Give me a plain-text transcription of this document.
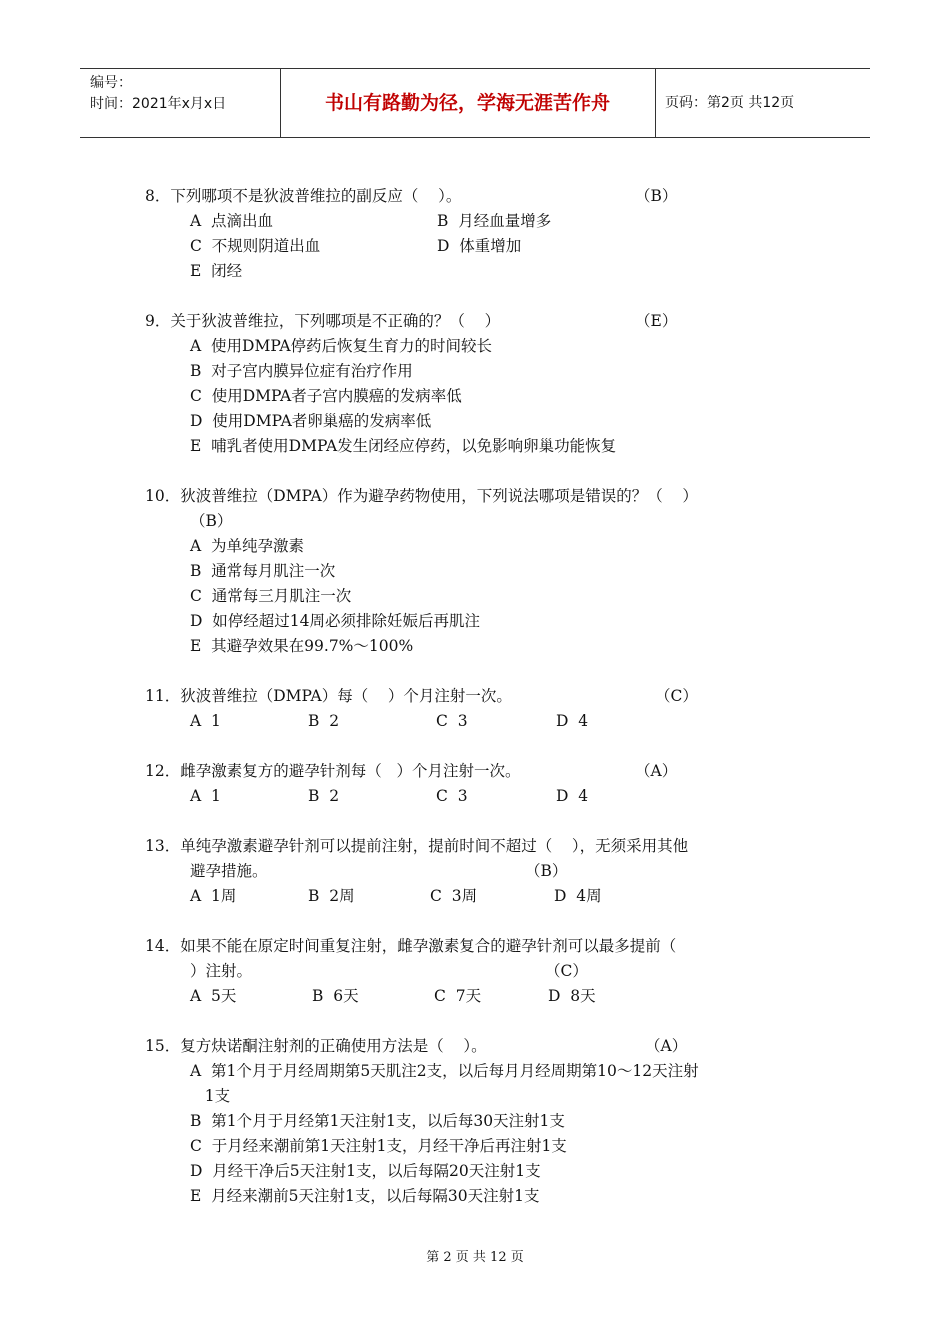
编号：
时间：2021年x月x日	书山有路勤为径，学海无涯苦作舟	页码：第2页 共12页
8．下列哪项不是狄波普维拉的副反应（    ）。	（B）
A  点滴出血	B  月经血量增多
C  不规则阴道出血	D  体重增加
E  闭经
9．关于狄波普维拉，下列哪项是不正确的？（    ）	（E）
A  使用DMPA停药后恢复生育力的时间较长
B  对子宫内膜异位症有治疗作用
C  使用DMPA者子宫内膜癌的发病率低
D  使用DMPA者卵巢癌的发病率低
E  哺乳者使用DMPA发生闭经应停药，以免影响卵巢功能恢复
10．狄波普维拉（DMPA）作为避孕药物使用，下列说法哪项是错误的？（    ）
（B）
A  为单纯孕激素
B  通常每月肌注一次
C  通常每三月肌注一次
D  如停经超过14周必须排除妊娠后再肌注
E  其避孕效果在99.7%～100%
11．狄波普维拉（DMPA）每（    ）个月注射一次。	（C）
A  1	B  2	C  3	D  4
12．雌孕激素复方的避孕针剂每（   ）个月注射一次。	（A）
A  1	B  2	C  3	D  4
13．单纯孕激素避孕针剂可以提前注射，提前时间不超过（    ），无须采用其他
避孕措施。	（B）
A  1周	B  2周	C  3周	D  4周
14．如果不能在原定时间重复注射，雌孕激素复合的避孕针剂可以最多提前（
）注射。	（C）
A  5天	B  6天	C  7天	D  8天
15．复方炔诺酮注射剂的正确使用方法是（    ）。	（A）
A  第1个月于月经周期第5天肌注2支，以后每月月经周期第10～12天注射
1支
B  第1个月于月经第1天注射1支，以后每30天注射1支
C  于月经来潮前第1天注射1支，月经干净后再注射1支
D  月经干净后5天注射1支，以后每隔20天注射1支
E  月经来潮前5天注射1支，以后每隔30天注射1支
第 2 页 共 12 页
